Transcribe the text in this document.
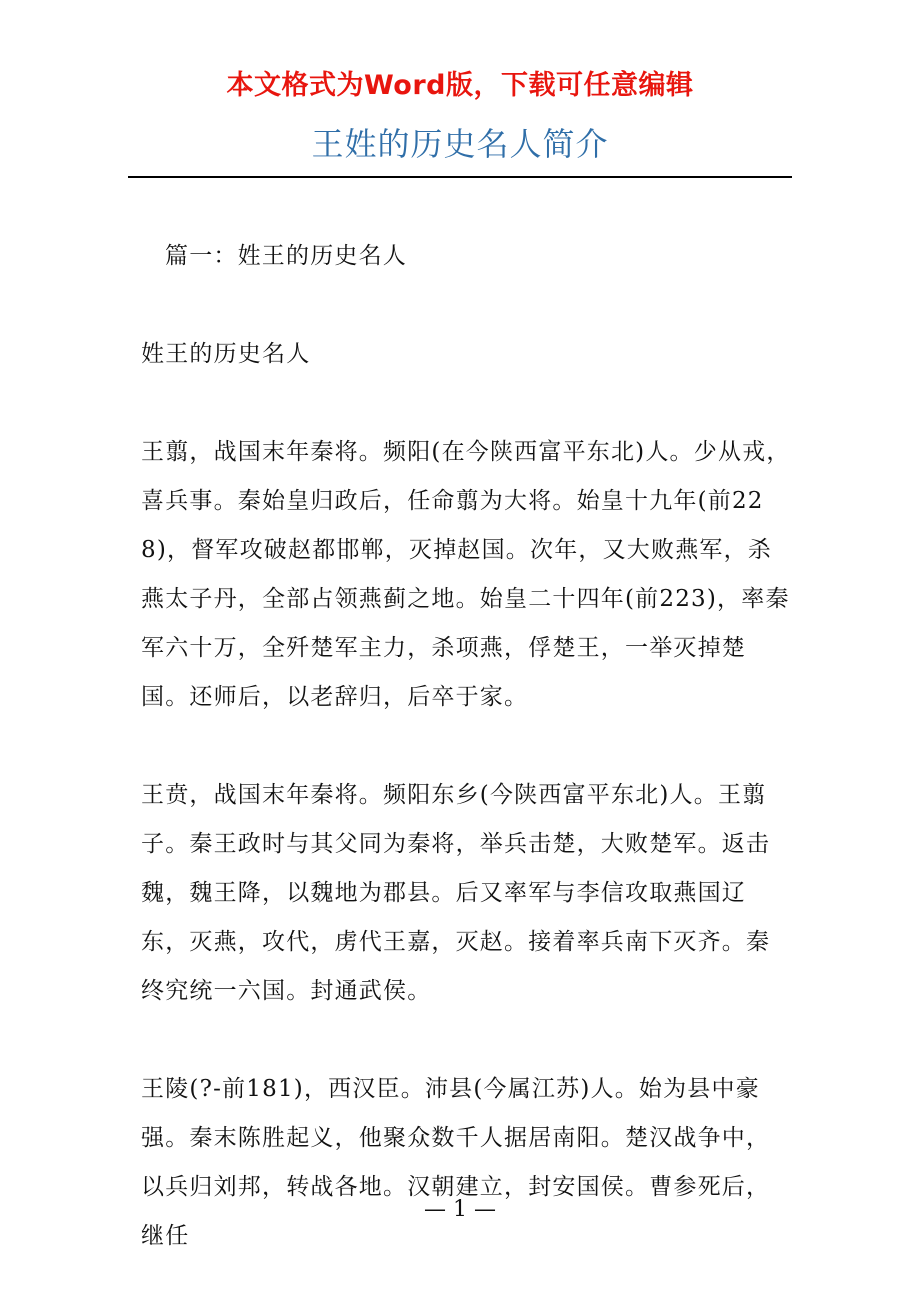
本文格式为Word版，下载可任意编辑
王姓的历史名人简介

篇一：姓王的历史名人

姓王的历史名人

王翦，战国末年秦将。频阳(在今陕西富平东北)人。少从戎，喜兵事。秦始皇归政后，任命翦为大将。始皇十九年(前228)，督军攻破赵都邯郸，灭掉赵国。次年，又大败燕军，杀燕太子丹，全部占领燕蓟之地。始皇二十四年(前223)，率秦军六十万，全歼楚军主力，杀项燕，俘楚王，一举灭掉楚国。还师后，以老辞归，后卒于家。

王贲，战国末年秦将。频阳东乡(今陕西富平东北)人。王翦子。秦王政时与其父同为秦将，举兵击楚，大败楚军。返击魏，魏王降，以魏地为郡县。后又率军与李信攻取燕国辽东，灭燕，攻代，虏代王嘉，灭赵。接着率兵南下灭齐。秦终究统一六国。封通武侯。

王陵(?-前181)，西汉臣。沛县(今属江苏)人。始为县中豪强。秦末陈胜起义，他聚众数千人据居南阳。楚汉战争中，以兵归刘邦，转战各地。汉朝建立，封安国侯。曹参死后，继任

— 1 —
